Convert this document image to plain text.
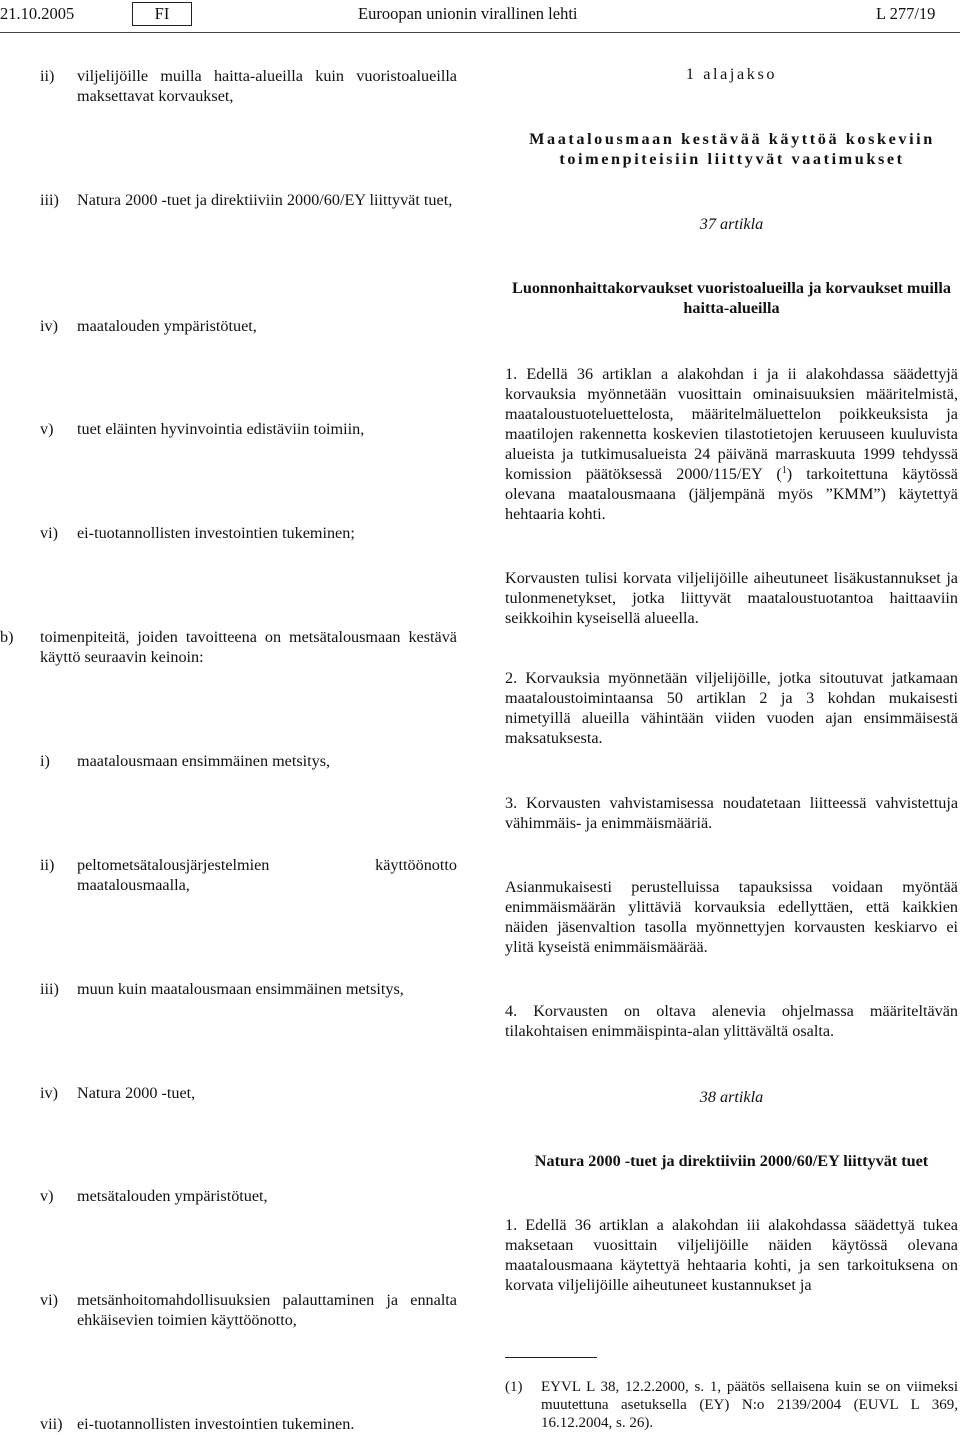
21.10.2005	FI	Euroopan unionin virallinen lehti	L 277/19
ii) viljelijöille muilla haitta-alueilla kuin vuoristoalueilla maksettavat korvaukset,
iii) Natura 2000 -tuet ja direktiiviin 2000/60/EY liittyvät tuet,
iv) maatalouden ympäristötuet,
v) tuet eläinten hyvinvointia edistäviin toimiin,
vi) ei-tuotannollisten investointien tukeminen;
b) toimenpiteitä, joiden tavoitteena on metsätalousmaan kestävä käyttö seuraavin keinoin:
i) maatalousmaan ensimmäinen metsitys,
ii) peltometsätalousjärjestelmien käyttöönotto maatalousmaalla,
iii) muun kuin maatalousmaan ensimmäinen metsitys,
iv) Natura 2000 -tuet,
v) metsätalouden ympäristötuet,
vi) metsänhoitomahdollisuuksien palauttaminen ja ennalta ehkäisevien toimien käyttöönotto,
vii) ei-tuotannollisten investointien tukeminen.
1 alajakso
Maatalousmaan kestävää käyttöä koskeviin toimenpiteisiin liittyvät vaatimukset
37 artikla
Luonnonhaittakorvaukset vuoristoalueilla ja korvaukset muilla haitta-alueilla
1. Edellä 36 artiklan a alakohdan i ja ii alakohdassa säädettyjä korvauksia myönnetään vuosittain ominaisuuksien määritelmistä, maataloustuoteluettelosta, määritelmäluettelon poikkeuksista ja maatilojen rakennetta koskevien tilastotietojen keruuseen kuuluvista alueista ja tutkimusalueista 24 päivänä marraskuuta 1999 tehdyssä komission päätöksessä 2000/115/EY ($^1$) tarkoitettuna käytössä olevana maatalousmaana (jäljempänä myös ”KMM”) käytettyä hehtaaria kohti.
Korvausten tulisi korvata viljelijöille aiheutuneet lisäkustannukset ja tulonmenetykset, jotka liittyvät maataloustuotantoa haittaaviin seikkoihin kyseisellä alueella.
2. Korvauksia myönnetään viljelijöille, jotka sitoutuvat jatkamaan maataloustoimintaansa 50 artiklan 2 ja 3 kohdan mukaisesti nimetyillä alueilla vähintään viiden vuoden ajan ensimmäisestä maksatuksesta.
3. Korvausten vahvistamisessa noudatetaan liitteessä vahvistettuja vähimmäis- ja enimmäismääriä.
Asianmukaisesti perustelluissa tapauksissa voidaan myöntää enimmäismäärän ylittäviä korvauksia edellyttäen, että kaikkien näiden jäsenvaltion tasolla myönnettyjen korvausten keskiarvo ei ylitä kyseistä enimmäismäärää.
4. Korvausten on oltava alenevia ohjelmassa määriteltävän tilakohtaisen enimmäispinta-alan ylittävältä osalta.
38 artikla
Natura 2000 -tuet ja direktiiviin 2000/60/EY liittyvät tuet
1. Edellä 36 artiklan a alakohdan iii alakohdassa säädettyä tukea maksetaan vuosittain viljelijöille näiden käytössä olevana maatalousmaana käytettyä hehtaaria kohti, ja sen tarkoituksena on korvata viljelijöille aiheutuneet kustannukset ja
(1) EYVL L 38, 12.2.2000, s. 1, päätös sellaisena kuin se on viimeksi muutettuna asetuksella (EY) N:o 2139/2004 (EUVL L 369, 16.12.2004, s. 26).
